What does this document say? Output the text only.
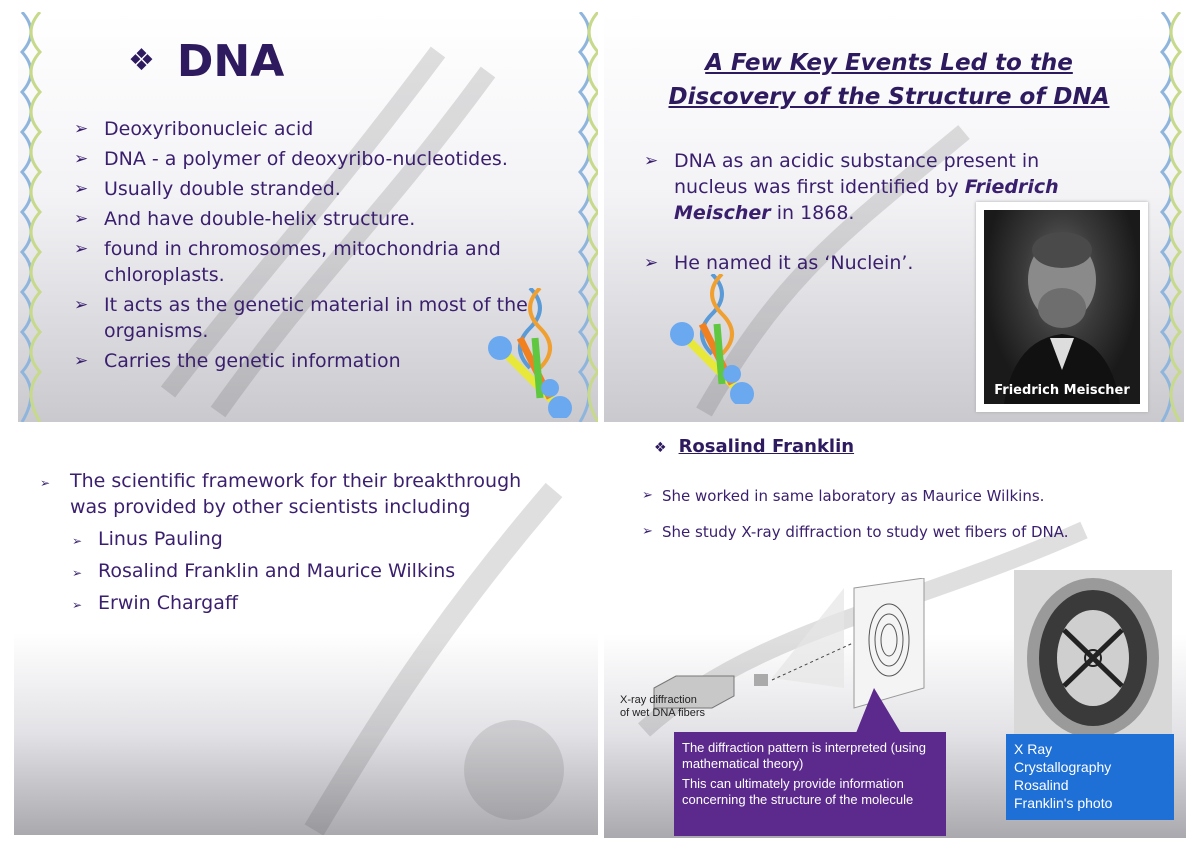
❖ DNA
➢ Deoxyribonucleic acid
➢ DNA - a polymer of deoxyribo-nucleotides.
➢ Usually double stranded.
➢ And have double-helix structure.
➢ found in chromosomes, mitochondria and chloroplasts.
➢ It acts as the genetic material in most of the organisms.
➢ Carries the genetic information
A Few Key Events Led to the
Discovery of the Structure of DNA
➢ DNA as an acidic substance present in nucleus was first identified by Friedrich Meischer in 1868.
➢ He named it as ‘Nuclein’.
Friedrich Meischer
➢ The scientific framework for their breakthrough was provided by other scientists including
➢ Linus Pauling
➢ Rosalind Franklin and Maurice Wilkins
➢ Erwin Chargaff
❖ Rosalind Franklin
➢ She worked in same laboratory as Maurice Wilkins.
➢ She study X-ray diffraction to study wet fibers of DNA.
X-ray diffraction
of wet DNA fibers

The diffraction pattern is interpreted (using mathematical theory)

This can ultimately provide information concerning the structure of the molecule

X Ray
Crystallography
Rosalind
Franklin's photo
